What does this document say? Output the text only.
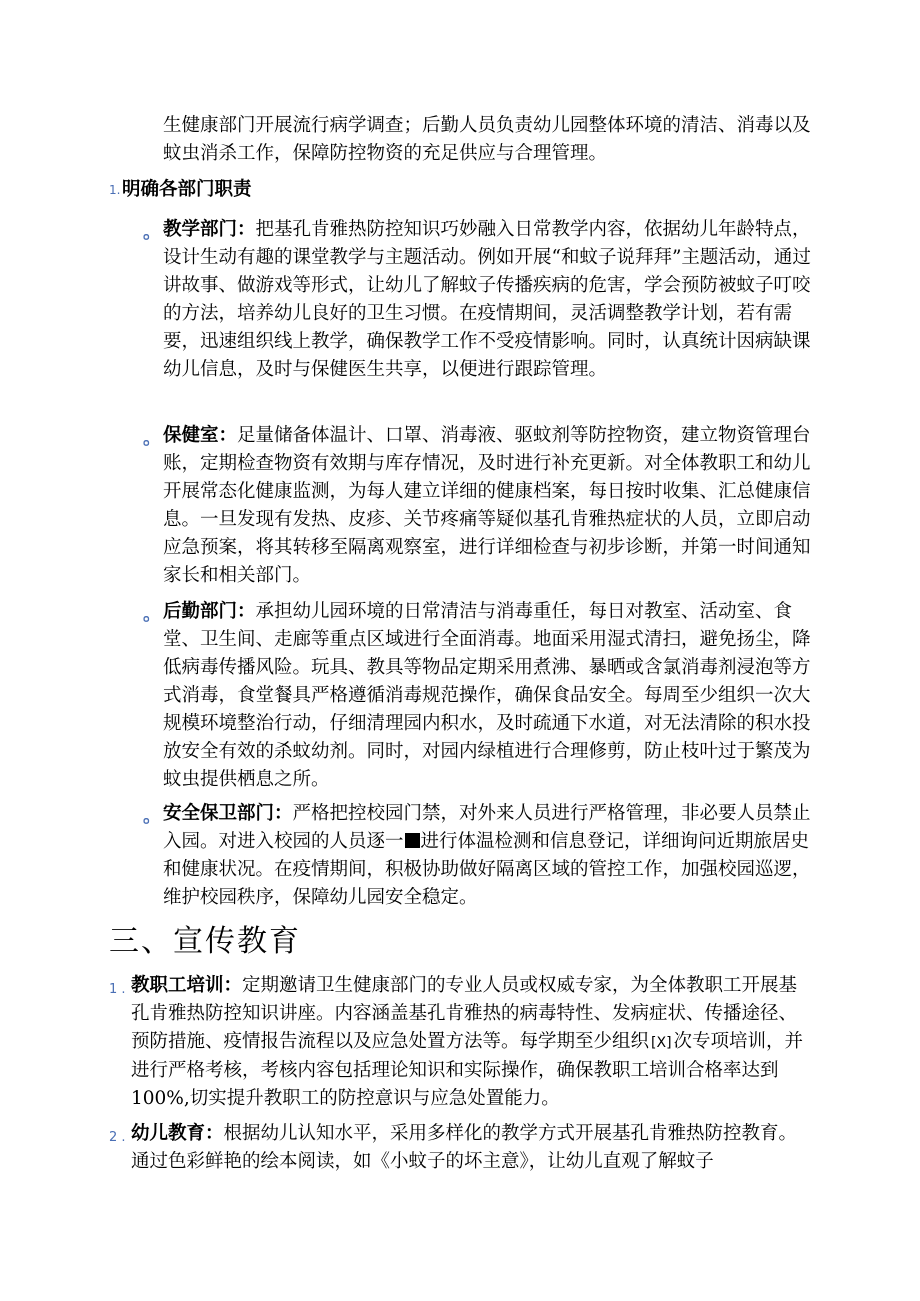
生健康部门开展流行病学调查；后勤人员负责幼儿园整体环境的清洁、消毒以及蚊虫消杀工作，保障防控物资的充足供应与合理管理。
1. 明确各部门职责
。 教学部门：把基孔肯雅热防控知识巧妙融入日常教学内容，依据幼儿年龄特点，设计生动有趣的课堂教学与主题活动。例如开展“和蚊子说拜拜”主题活动，通过讲故事、做游戏等形式，让幼儿了解蚊子传播疾病的危害，学会预防被蚊子叮咬的方法，培养幼儿良好的卫生习惯。在疫情期间，灵活调整教学计划，若有需要，迅速组织线上教学，确保教学工作不受疫情影响。同时，认真统计因病缺课幼儿信息，及时与保健医生共享，以便进行跟踪管理。
。 保健室：足量储备体温计、口罩、消毒液、驱蚊剂等防控物资，建立物资管理台账，定期检查物资有效期与库存情况，及时进行补充更新。对全体教职工和幼儿开展常态化健康监测，为每人建立详细的健康档案，每日按时收集、汇总健康信息。一旦发现有发热、皮疹、关节疼痛等疑似基孔肯雅热症状的人员，立即启动应急预案，将其转移至隔离观察室，进行详细检查与初步诊断，并第一时间通知家长和相关部门。
。 后勤部门：承担幼儿园环境的日常清洁与消毒重任，每日对教室、活动室、食堂、卫生间、走廊等重点区域进行全面消毒。地面采用湿式清扫，避免扬尘，降低病毒传播风险。玩具、教具等物品定期采用煮沸、暴晒或含氯消毒剂浸泡等方式消毒，食堂餐具严格遵循消毒规范操作，确保食品安全。每周至少组织一次大规模环境整治行动，仔细清理园内积水，及时疏通下水道，对无法清除的积水投放安全有效的杀蚊幼剂。同时，对园内绿植进行合理修剪，防止枝叶过于繁茂为蚊虫提供栖息之所。
。 安全保卫部门：严格把控校园门禁，对外来人员进行严格管理，非必要人员禁止入园。对进入校园的人员逐一 进行体温检测和信息登记，详细询问近期旅居史和健康状况。在疫情期间，积极协助做好隔离区域的管控工作，加强校园巡逻，维护校园秩序，保障幼儿园安全稳定。
三、宣传教育
1 . 教职工培训：定期邀请卫生健康部门的专业人员或权威专家，为全体教职工开展基孔肯雅热防控知识讲座。内容涵盖基孔肯雅热的病毒特性、发病症状、传播途径、预防措施、疫情报告流程以及应急处置方法等。每学期至少组织 [X] 次专项培训，并进行严格考核，考核内容包括理论知识和实际操作，确保教职工培训合格率达到100%,切实提升教职工的防控意识与应急处置能力。
2 . 幼儿教育：根据幼儿认知水平，采用多样化的教学方式开展基孔肯雅热防控教育。通过色彩鲜艳的绘本阅读，如《小蚊子的坏主意》，让幼儿直观了解蚊子
